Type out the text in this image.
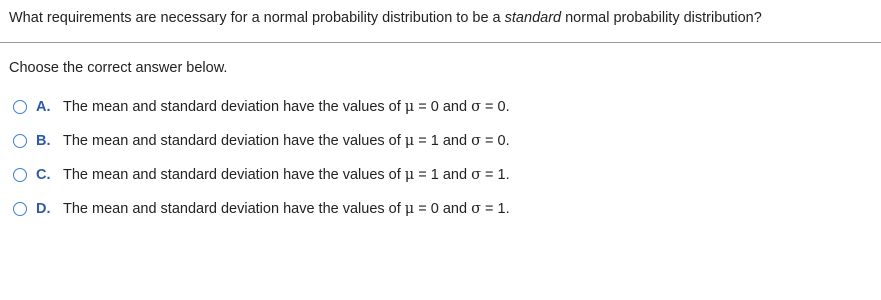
What requirements are necessary for a normal probability distribution to be a standard normal probability distribution?
Choose the correct answer below.
A. The mean and standard deviation have the values of μ = 0 and σ = 0.
B. The mean and standard deviation have the values of μ = 1 and σ = 0.
C. The mean and standard deviation have the values of μ = 1 and σ = 1.
D. The mean and standard deviation have the values of μ = 0 and σ = 1.
